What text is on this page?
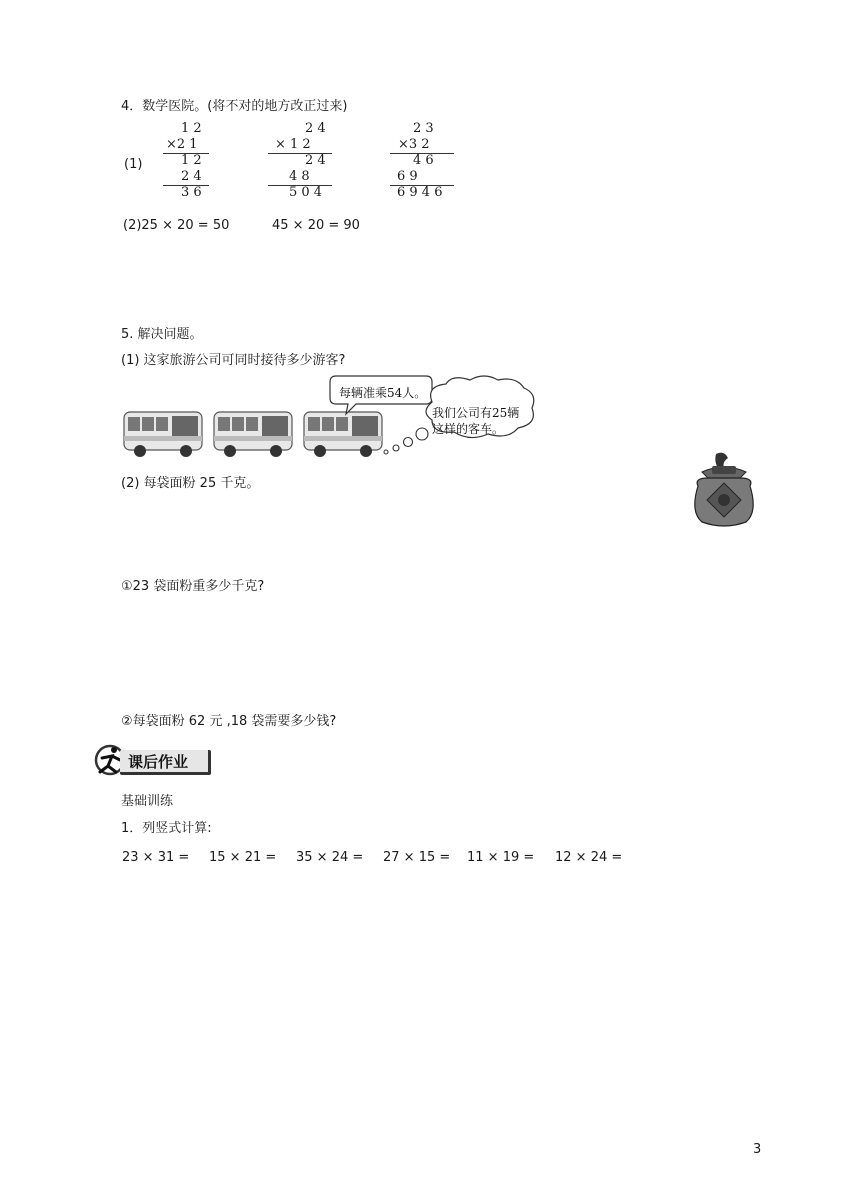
4．数学医院。(将不对的地方改正过来)
(1)
1 2
×2 1
1 2
2 4
3 6
2 4
× 1 2
2 4
4 8
5 0 4
2 3
×3 2
4 6
6 9
6 9 4 6
(2)25 × 20 = 50	45 × 20 = 90
5. 解决问题。
(1) 这家旅游公司可同时接待多少游客?
每辆准乘54人。
我们公司有25辆
这样的客车。
(2) 每袋面粉 25 千克。
①23 袋面粉重多少千克?
②每袋面粉 62 元 ,18 袋需要多少钱?
课后作业
基础训练
1．列竖式计算:
23 × 31 = 15 × 21 = 35 × 24 = 27 × 15 = 11 × 19 = 12 × 24 =
3
